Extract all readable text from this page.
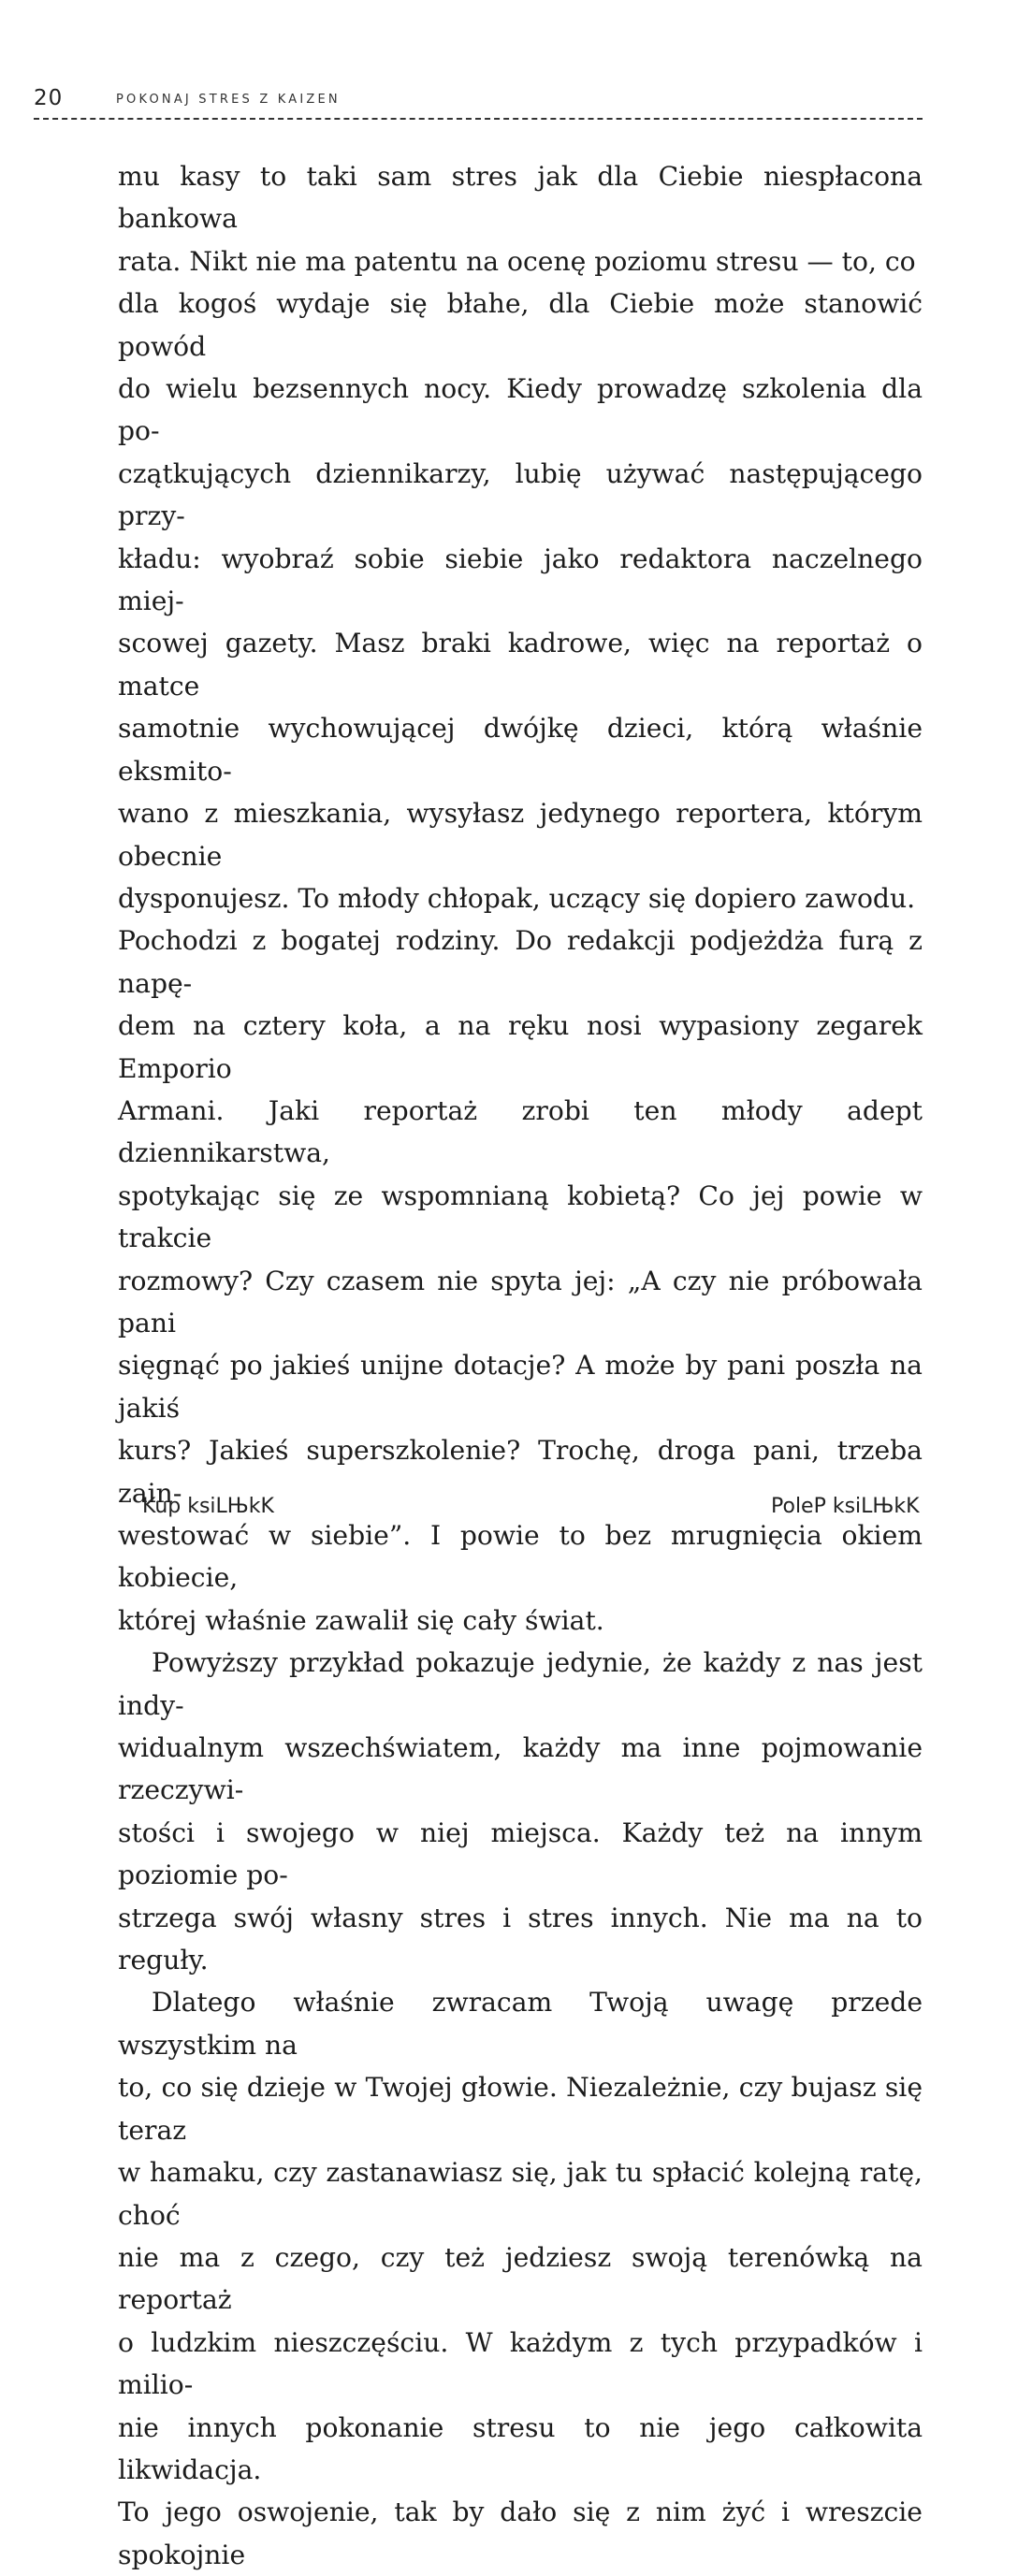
20	POKONAJ STRES Z KAIZEN

mu kasy to taki sam stres jak dla Ciebie niespłacona bankowa
rata. Nikt nie ma patentu na ocenę poziomu stresu — to, co
dla kogoś wydaje się błahe, dla Ciebie może stanowić powód
do wielu bezsennych nocy. Kiedy prowadzę szkolenia dla po-
czątkujących dziennikarzy, lubię używać następującego przy-
kładu: wyobraź sobie siebie jako redaktora naczelnego miej-
scowej gazety. Masz braki kadrowe, więc na reportaż o matce
samotnie wychowującej dwójkę dzieci, którą właśnie eksmito-
wano z mieszkania, wysyłasz jedynego reportera, którym obecnie
dysponujesz. To młody chłopak, uczący się dopiero zawodu.
Pochodzi z bogatej rodziny. Do redakcji podjeżdża furą z napę-
dem na cztery koła, a na ręku nosi wypasiony zegarek Emporio
Armani. Jaki reportaż zrobi ten młody adept dziennikarstwa,
spotykając się ze wspomnianą kobietą? Co jej powie w trakcie
rozmowy? Czy czasem nie spyta jej: „A czy nie próbowała pani
sięgnąć po jakieś unijne dotacje? A może by pani poszła na jakiś
kurs? Jakieś superszkolenie? Trochę, droga pani, trzeba zain-
westować w siebie”. I powie to bez mrugnięcia okiem kobiecie,
której właśnie zawalił się cały świat.

Powyższy przykład pokazuje jedynie, że każdy z nas jest indy-
widualnym wszechświatem, każdy ma inne pojmowanie rzeczywi-
stości i swojego w niej miejsca. Każdy też na innym poziomie po-
strzega swój własny stres i stres innych. Nie ma na to reguły.

Dlatego właśnie zwracam Twoją uwagę przede wszystkim na
to, co się dzieje w Twojej głowie. Niezależnie, czy bujasz się teraz
w hamaku, czy zastanawiasz się, jak tu spłacić kolejną ratę, choć
nie ma z czego, czy też jedziesz swoją terenówką na reportaż
o ludzkim nieszczęściu. W każdym z tych przypadków i milio-
nie innych pokonanie stresu to nie jego całkowita likwidacja.
To jego oswojenie, tak by dało się z nim żyć i wreszcie spokojnie

Kup ksiLЊkK	PoleP ksiLЊkK
